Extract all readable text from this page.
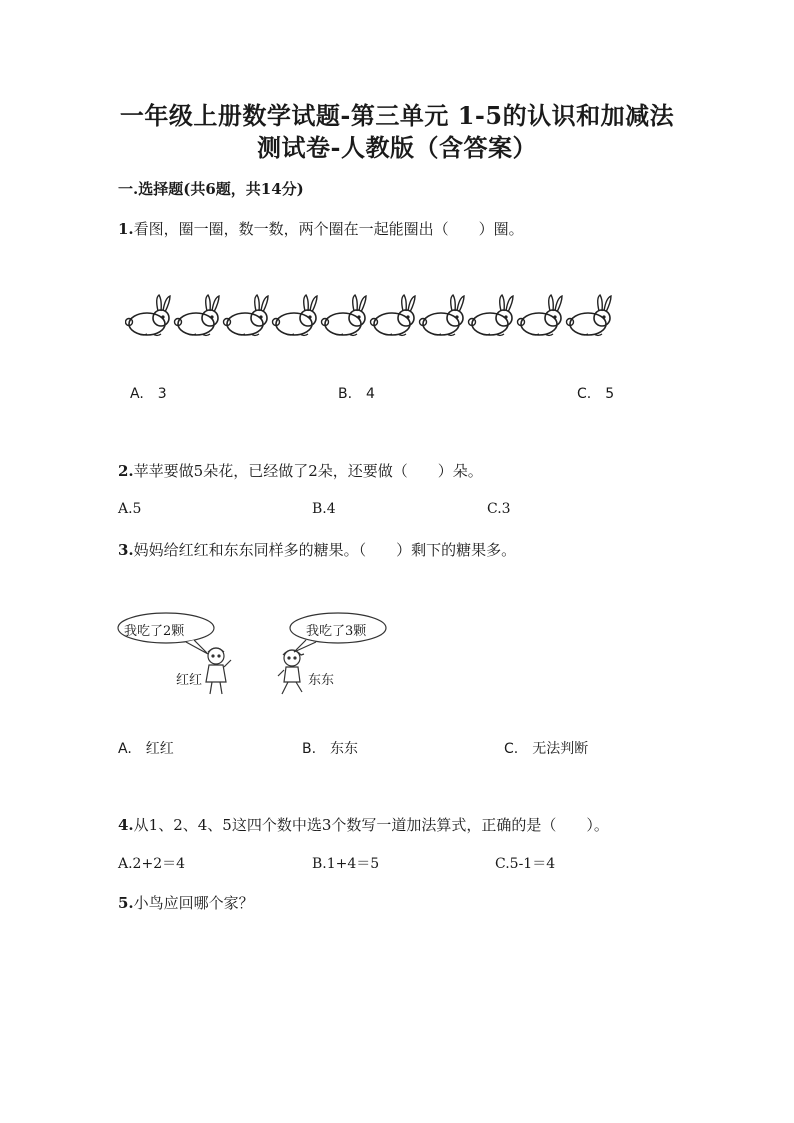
一年级上册数学试题-第三单元 1-5的认识和加减法
测试卷-人教版（含答案）
一.选择题(共6题，共14分)
1.看图，圈一圈，数一数，两个圈在一起能圈出（　　）圈。
A.　3	B.　4	C.　5
2.苹苹要做5朵花，已经做了2朵，还要做（　　）朵。
A.5	B.4	C.3
3.妈妈给红红和东东同样多的糖果。（　　）剩下的糖果多。
我吃了2颗	我吃了3颗
红红	东东
A.　红红	B.　东东	C.　无法判断
4.从1、2、4、5这四个数中选3个数写一道加法算式，正确的是（　　）。
A.2+2＝4	B.1+4＝5	C.5-1＝4
5.小鸟应回哪个家？
